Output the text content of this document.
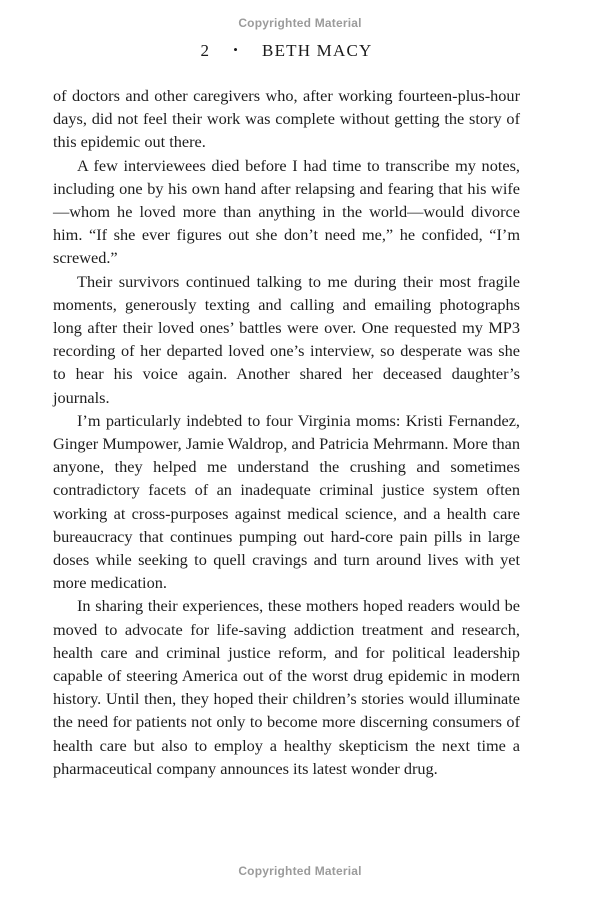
Copyrighted Material
2 • BETH MACY

of doctors and other caregivers who, after working fourteen-plus-hour days, did not feel their work was complete without getting the story of this epidemic out there.

A few interviewees died before I had time to transcribe my notes, including one by his own hand after relapsing and fearing that his wife—whom he loved more than anything in the world—would divorce him. “If she ever figures out she don’t need me,” he confided, “I’m screwed.”

Their survivors continued talking to me during their most fragile moments, generously texting and calling and emailing photographs long after their loved ones’ battles were over. One requested my MP3 recording of her departed loved one’s interview, so desperate was she to hear his voice again. Another shared her deceased daughter’s journals.

I’m particularly indebted to four Virginia moms: Kristi Fernandez, Ginger Mumpower, Jamie Waldrop, and Patricia Mehrmann. More than anyone, they helped me understand the crushing and sometimes contradictory facets of an inadequate criminal justice system often working at cross-purposes against medical science, and a health care bureaucracy that continues pumping out hard-core pain pills in large doses while seeking to quell cravings and turn around lives with yet more medication.

In sharing their experiences, these mothers hoped readers would be moved to advocate for life-saving addiction treatment and research, health care and criminal justice reform, and for political leadership capable of steering America out of the worst drug epidemic in modern history. Until then, they hoped their children’s stories would illuminate the need for patients not only to become more discerning consumers of health care but also to employ a healthy skepticism the next time a pharmaceutical company announces its latest wonder drug.

Copyrighted Material
